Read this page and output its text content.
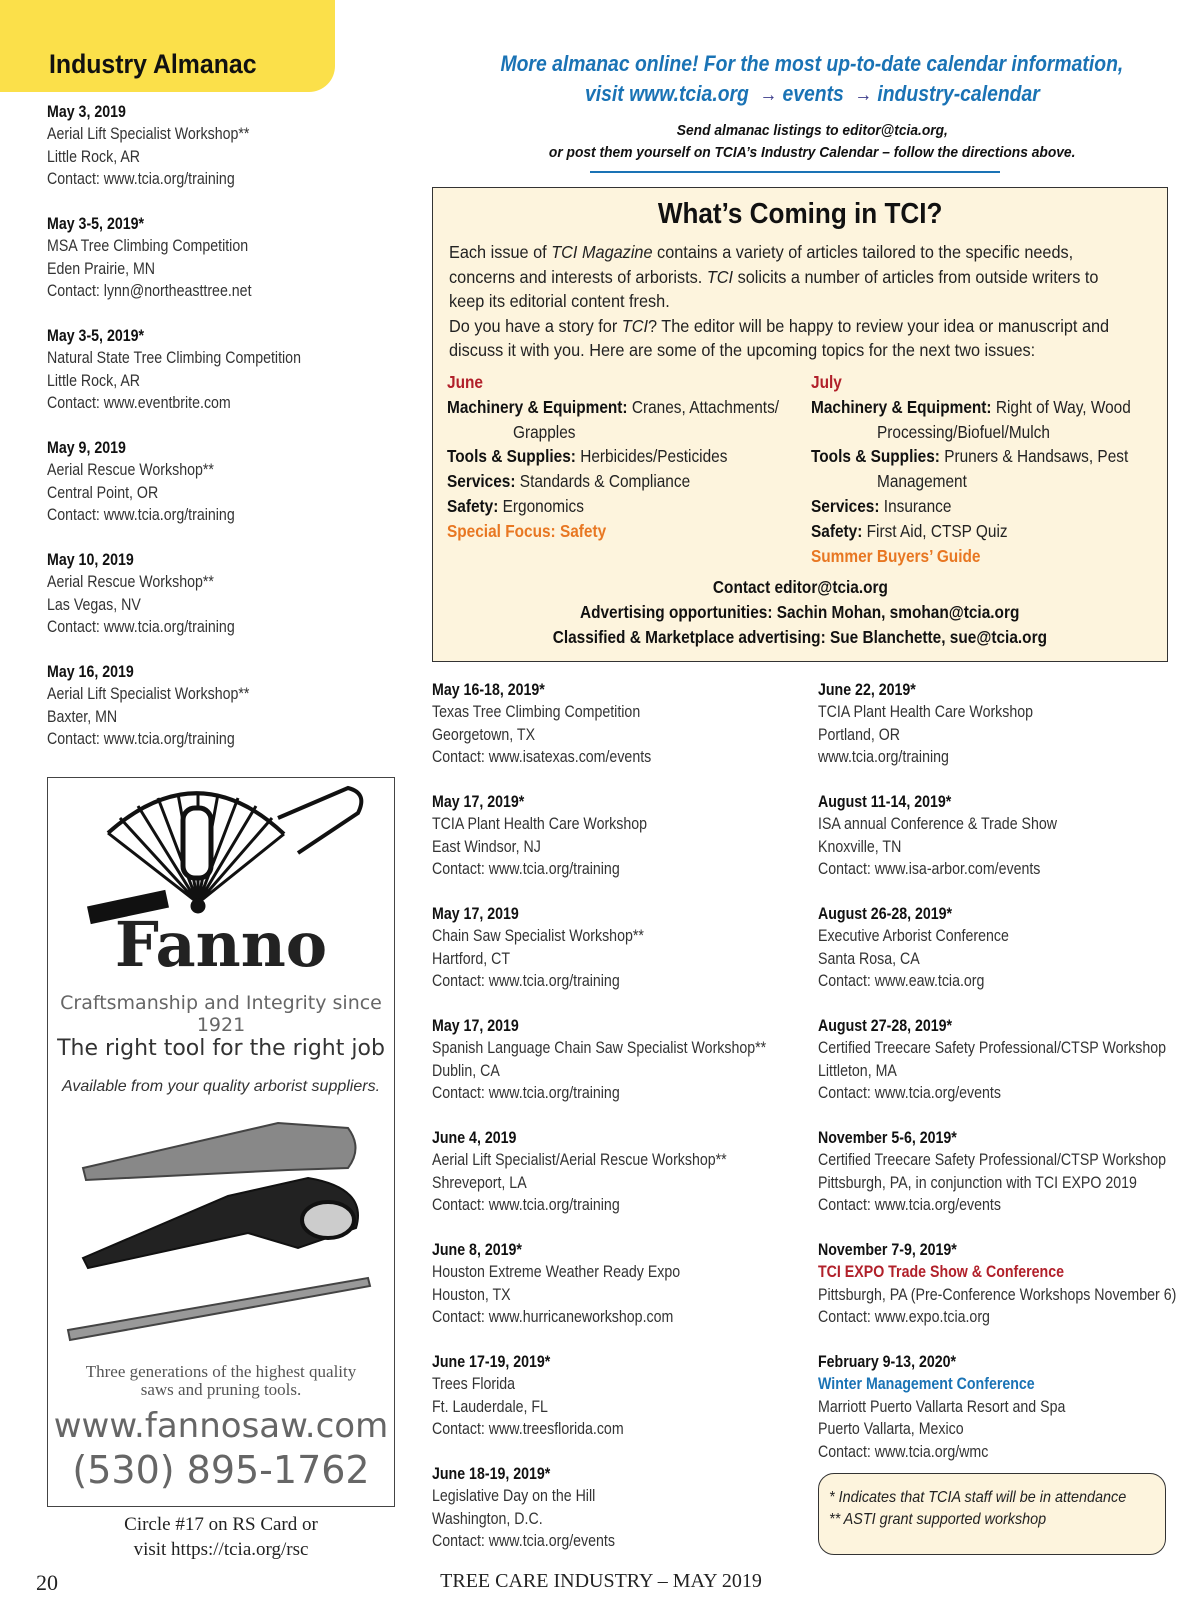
Industry Almanac	More almanac online! For the most up-to-date calendar information,
visit www.tcia.org → events → industry-calendar
Send almanac listings to editor@tcia.org,
or post them yourself on TCIA’s Industry Calendar – follow the directions above.
What’s Coming in TCI?
Each issue of TCI Magazine contains a variety of articles tailored to the specific needs, concerns and interests of arborists. TCI solicits a number of articles from outside writers to keep its editorial content fresh.
Do you have a story for TCI? The editor will be happy to review your idea or manuscript and discuss it with you. Here are some of the upcoming topics for the next two issues:
June
Machinery & Equipment: Cranes, Attachments/
Grapples
Tools & Supplies: Herbicides/Pesticides
Services: Standards & Compliance
Safety: Ergonomics
Special Focus: Safety
July
Machinery & Equipment: Right of Way, Wood
Processing/Biofuel/Mulch
Tools & Supplies: Pruners & Handsaws, Pest
Management
Services: Insurance
Safety: First Aid, CTSP Quiz
Summer Buyers’ Guide
Contact editor@tcia.org
Advertising opportunities: Sachin Mohan, smohan@tcia.org
Classified & Marketplace advertising: Sue Blanchette, sue@tcia.org
May 3, 2019
Aerial Lift Specialist Workshop**
Little Rock, AR
Contact: www.tcia.org/training
May 3-5, 2019*
MSA Tree Climbing Competition
Eden Prairie, MN
Contact: lynn@northeasttree.net
May 3-5, 2019*
Natural State Tree Climbing Competition
Little Rock, AR
Contact: www.eventbrite.com
May 9, 2019
Aerial Rescue Workshop**
Central Point, OR
Contact: www.tcia.org/training
May 10, 2019
Aerial Rescue Workshop**
Las Vegas, NV
Contact: www.tcia.org/training
May 16, 2019
Aerial Lift Specialist Workshop**
Baxter, MN
Contact: www.tcia.org/training
May 16-18, 2019*
Texas Tree Climbing Competition
Georgetown, TX
Contact: www.isatexas.com/events
May 17, 2019*
TCIA Plant Health Care Workshop
East Windsor, NJ
Contact: www.tcia.org/training
May 17, 2019
Chain Saw Specialist Workshop**
Hartford, CT
Contact: www.tcia.org/training
May 17, 2019
Spanish Language Chain Saw Specialist Workshop**
Dublin, CA
Contact: www.tcia.org/training
June 4, 2019
Aerial Lift Specialist/Aerial Rescue Workshop**
Shreveport, LA
Contact: www.tcia.org/training
June 8, 2019*
Houston Extreme Weather Ready Expo
Houston, TX
Contact: www.hurricaneworkshop.com
June 17-19, 2019*
Trees Florida
Ft. Lauderdale, FL
Contact: www.treesflorida.com
June 18-19, 2019*
Legislative Day on the Hill
Washington, D.C.
Contact: www.tcia.org/events
June 22, 2019*
TCIA Plant Health Care Workshop
Portland, OR
www.tcia.org/training
August 11-14, 2019*
ISA annual Conference & Trade Show
Knoxville, TN
Contact: www.isa-arbor.com/events
August 26-28, 2019*
Executive Arborist Conference
Santa Rosa, CA
Contact: www.eaw.tcia.org
August 27-28, 2019*
Certified Treecare Safety Professional/CTSP Workshop
Littleton, MA
Contact: www.tcia.org/events
November 5-6, 2019*
Certified Treecare Safety Professional/CTSP Workshop
Pittsburgh, PA, in conjunction with TCI EXPO 2019
Contact: www.tcia.org/events
November 7-9, 2019*
TCI EXPO Trade Show & Conference
Pittsburgh, PA (Pre-Conference Workshops November 6)
Contact: www.expo.tcia.org
February 9-13, 2020*
Winter Management Conference
Marriott Puerto Vallarta Resort and Spa
Puerto Vallarta, Mexico
Contact: www.tcia.org/wmc
Fanno
Craftsmanship and Integrity since 1921
The right tool for the right job
Available from your quality arborist suppliers.
Three generations of the highest quality
saws and pruning tools.
www.fannosaw.com
(530) 895-1762
Circle #17 on RS Card or
visit https://tcia.org/rsc
* Indicates that TCIA staff will be in attendance
** ASTI grant supported workshop
20	TREE CARE INDUSTRY – MAY 2019
